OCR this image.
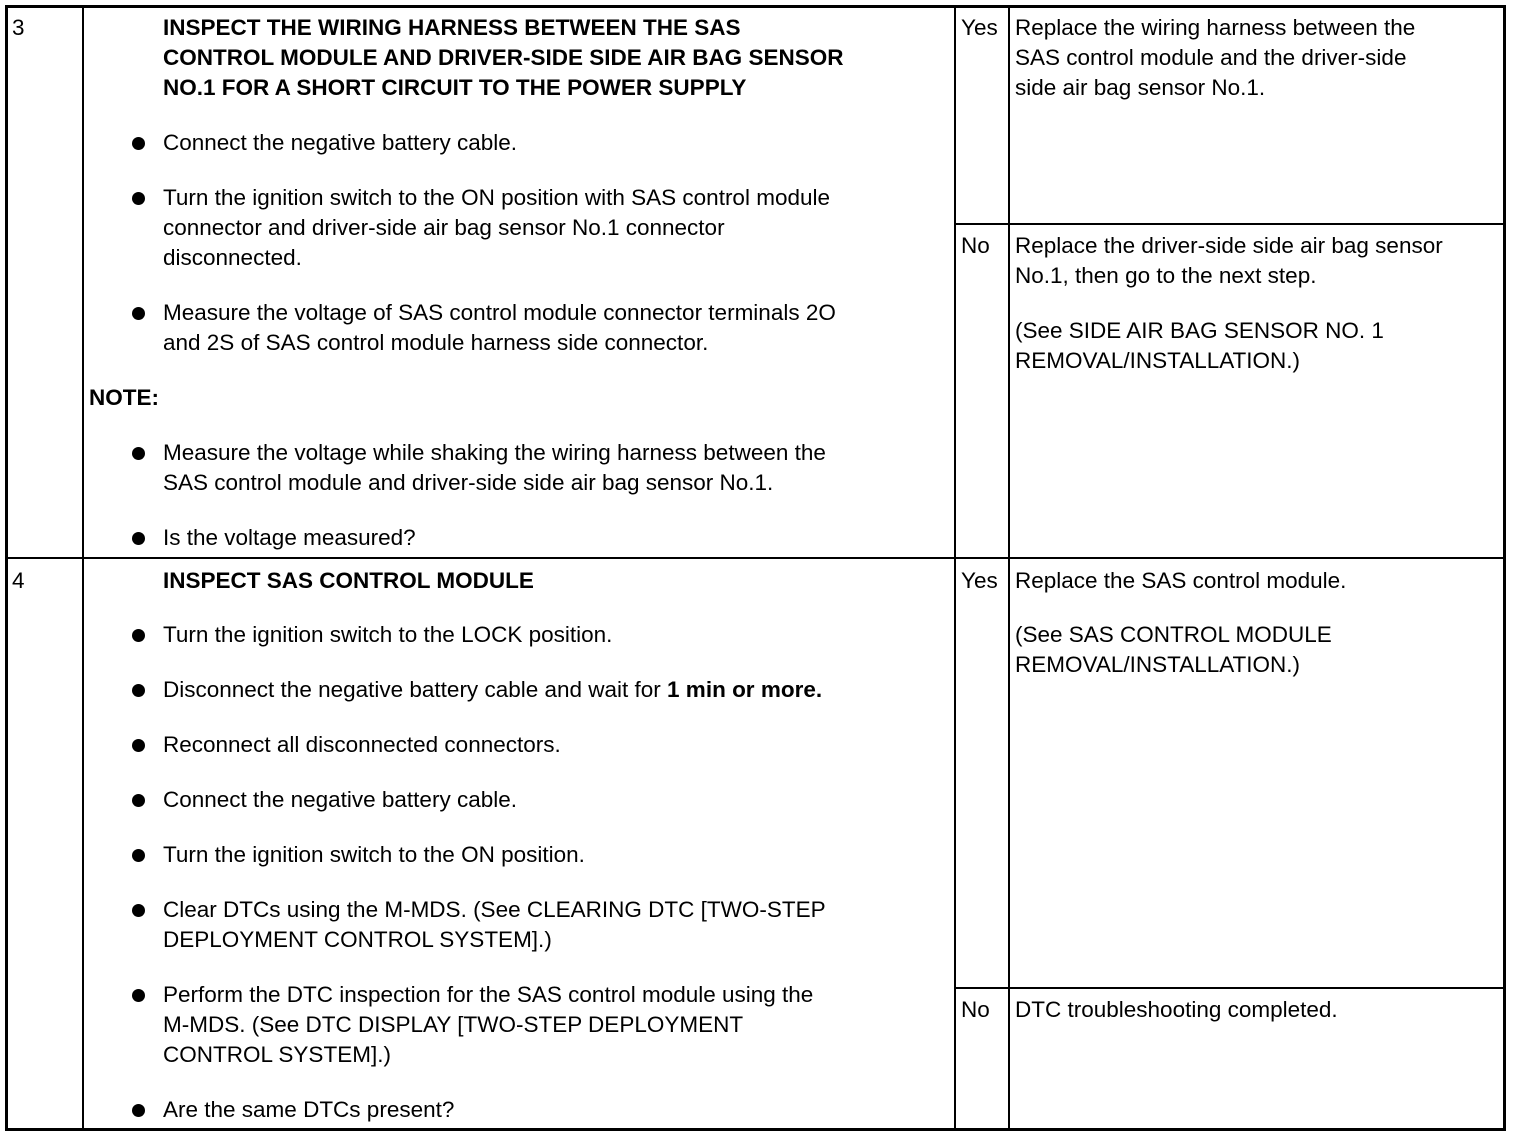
3	INSPECT THE WIRING HARNESS BETWEEN THE SAS
CONTROL MODULE AND DRIVER-SIDE SIDE AIR BAG SENSOR
NO.1 FOR A SHORT CIRCUIT TO THE POWER SUPPLY
Connect the negative battery cable.
Turn the ignition switch to the ON position with SAS control module
connector and driver-side air bag sensor No.1 connector
disconnected.
Measure the voltage of SAS control module connector terminals 2O
and 2S of SAS control module harness side connector.
NOTE:
Measure the voltage while shaking the wiring harness between the
SAS control module and driver-side side air bag sensor No.1.
Is the voltage measured?
Yes Replace the wiring harness between the
SAS control module and the driver-side
side air bag sensor No.1.
No Replace the driver-side side air bag sensor
No.1, then go to the next step.
(See SIDE AIR BAG SENSOR NO. 1
REMOVAL/INSTALLATION.)
4	INSPECT SAS CONTROL MODULE
Turn the ignition switch to the LOCK position.
Disconnect the negative battery cable and wait for 1 min or more.
Reconnect all disconnected connectors.
Connect the negative battery cable.
Turn the ignition switch to the ON position.
Clear DTCs using the M-MDS. (See CLEARING DTC [TWO-STEP
DEPLOYMENT CONTROL SYSTEM].)
Perform the DTC inspection for the SAS control module using the
M-MDS. (See DTC DISPLAY [TWO-STEP DEPLOYMENT
CONTROL SYSTEM].)
Are the same DTCs present?
Yes Replace the SAS control module.
(See SAS CONTROL MODULE
REMOVAL/INSTALLATION.)
No DTC troubleshooting completed.
